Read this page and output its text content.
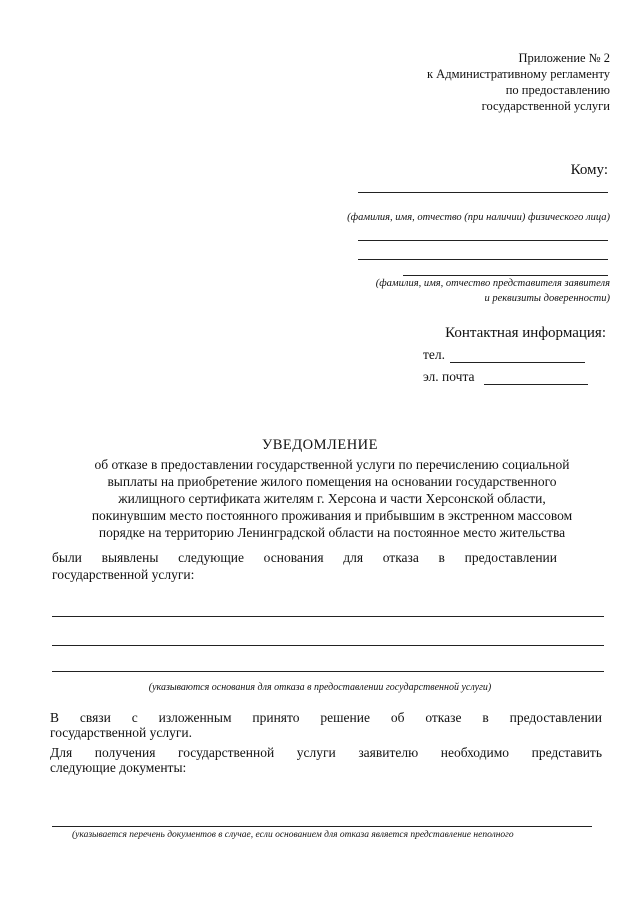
Приложение № 2
к Административному регламенту
по предоставлению
государственной услуги
Кому:
(фамилия, имя, отчество (при наличии) физического лица)
(фамилия, имя, отчество представителя заявителя
и реквизиты доверенности)
Контактная информация:
тел.
эл. почта
УВЕДОМЛЕНИЕ
об отказе в предоставлении государственной услуги по перечислению социальной
выплаты на приобретение жилого помещения на основании государственного
жилищного сертификата жителям г. Херсона и части Херсонской области,
покинувшим место постоянного проживания и прибывшим в экстренном массовом
порядке на территорию Ленинградской области на постоянное место жительства
были выявлены следующие основания для отказа в предоставлении
государственной услуги:
(указываются основания для отказа в предоставлении государственной услуги)
В связи с изложенным принято решение об отказе в предоставлении
государственной услуги.
Для получения государственной услуги заявителю необходимо представить
следующие документы:
(указывается перечень документов в случае, если основанием для отказа является представление неполного
